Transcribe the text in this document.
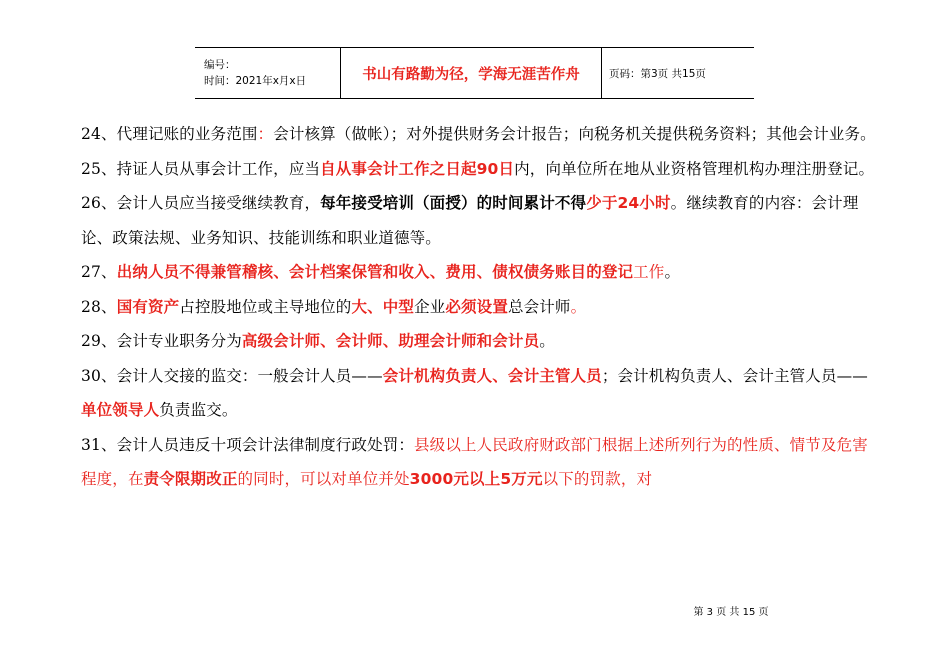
编号：
时间：2021年x月x日	书山有路勤为径，学海无涯苦作舟	页码：第3页 共15页

24、代理记账的业务范围：会计核算（做帐）；对外提供财务会计报告；向税务机关提供税务资料；其他会计业务。

25、持证人员从事会计工作，应当自从事会计工作之日起90日内，向单位所在地从业资格管理机构办理注册登记。

26、会计人员应当接受继续教育，每年接受培训（面授）的时间累计不得少于24小时。继续教育的内容：会计理论、政策法规、业务知识、技能训练和职业道德等。

27、出纳人员不得兼管稽核、会计档案保管和收入、费用、债权债务账目的登记工作。

28、国有资产占控股地位或主导地位的大、中型企业必须设置总会计师。

29、会计专业职务分为高级会计师、会计师、助理会计师和会计员。

30、会计人交接的监交：一般会计人员——会计机构负责人、会计主管人员；会计机构负责人、会计主管人员——单位领导人负责监交。

31、会计人员违反十项会计法律制度行政处罚：县级以上人民政府财政部门根据上述所列行为的性质、情节及危害程度，在责令限期改正的同时，可以对单位并处3000元以上5万元以下的罚款，对

第 3 页 共 15 页
